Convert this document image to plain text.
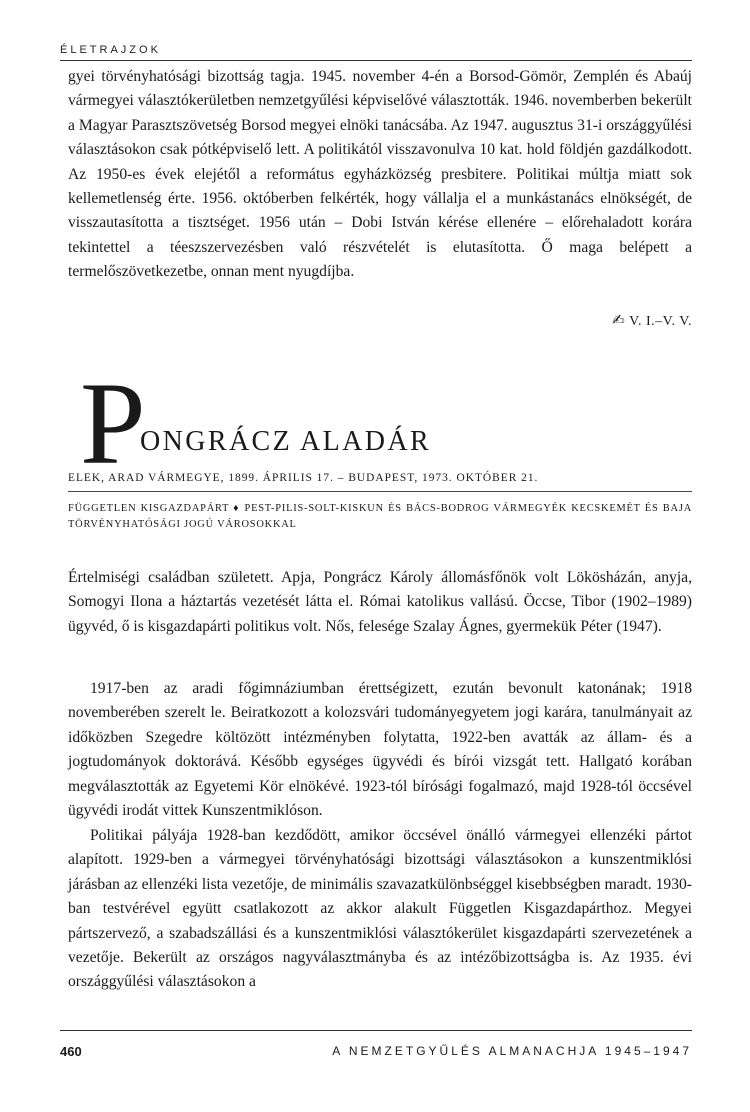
ÉLETRAJZOK

gyei törvényhatósági bizottság tagja. 1945. november 4-én a Borsod-Gömör, Zemplén és Abaúj vármegyei választókerületben nemzetgyűlési képviselővé választották. 1946. novemberben bekerült a Magyar Parasztszövetség Borsod megyei elnöki tanácsába. Az 1947. augusztus 31-i országgyűlési választásokon csak pótképviselő lett. A politikától visszavonulva 10 kat. hold földjén gazdálkodott. Az 1950-es évek elejétől a református egyházközség presbitere. Politikai múltja miatt sok kellemetlenség érte. 1956. októberben felkérték, hogy vállalja el a munkástanács elnökségét, de visszautasította a tisztséget. 1956 után – Dobi István kérése ellenére – előrehaladott korára tekintettel a téeszszervezésben való részvételét is elutasította. Ő maga belépett a termelőszövetkezetbe, onnan ment nyugdíjba.

✍ V. I.–V. V.
P
ONGRÁCZ ALADÁR
ELEK, ARAD VÁRMEGYE, 1899. ÁPRILIS 17. – BUDAPEST, 1973. OKTÓBER 21.
FÜGGETLEN KISGAZDAPÁRT ♦ PEST-PILIS-SOLT-KISKUN ÉS BÁCS-BODROG VÁRMEGYÉK KECSKEMÉT ÉS BAJA TÖRVÉNYHATÓSÁGI JOGÚ VÁROSOKKAL

Értelmiségi családban született. Apja, Pongrácz Károly állomásfőnök volt Lökösházán, anyja, Somogyi Ilona a háztartás vezetését látta el. Római katolikus vallású. Öccse, Tibor (1902–1989) ügyvéd, ő is kisgazdapárti politikus volt. Nős, felesége Szalay Ágnes, gyermekük Péter (1947).

1917-ben az aradi főgimnáziumban érettségizett, ezután bevonult katonának; 1918 novemberében szerelt le. Beiratkozott a kolozsvári tudományegyetem jogi karára, tanulmányait az időközben Szegedre költözött intézményben folytatta, 1922-ben avatták az állam- és a jogtudományok doktorává. Később egységes ügyvédi és bírói vizsgát tett. Hallgató korában megválasztották az Egyetemi Kör elnökévé. 1923-tól bírósági fogalmazó, majd 1928-tól öccsével ügyvédi irodát vittek Kunszentmiklóson.

Politikai pályája 1928-ban kezdődött, amikor öccsével önálló vármegyei ellenzéki pártot alapított. 1929-ben a vármegyei törvényhatósági bizottsági választásokon a kunszentmiklósi járásban az ellenzéki lista vezetője, de minimális szavazatkülönbséggel kisebbségben maradt. 1930-ban testvérével együtt csatlakozott az akkor alakult Független Kisgazdapárthoz. Megyei pártszervező, a szabadszállási és a kunszentmiklósi választókerület kisgazdapárti szervezetének a vezetője. Bekerült az országos nagyválasztmányba és az intézőbizottságba is. Az 1935. évi országgyűlési választásokon a

460	A NEMZETGYŰLÉS ALMANACHJA 1945–1947
